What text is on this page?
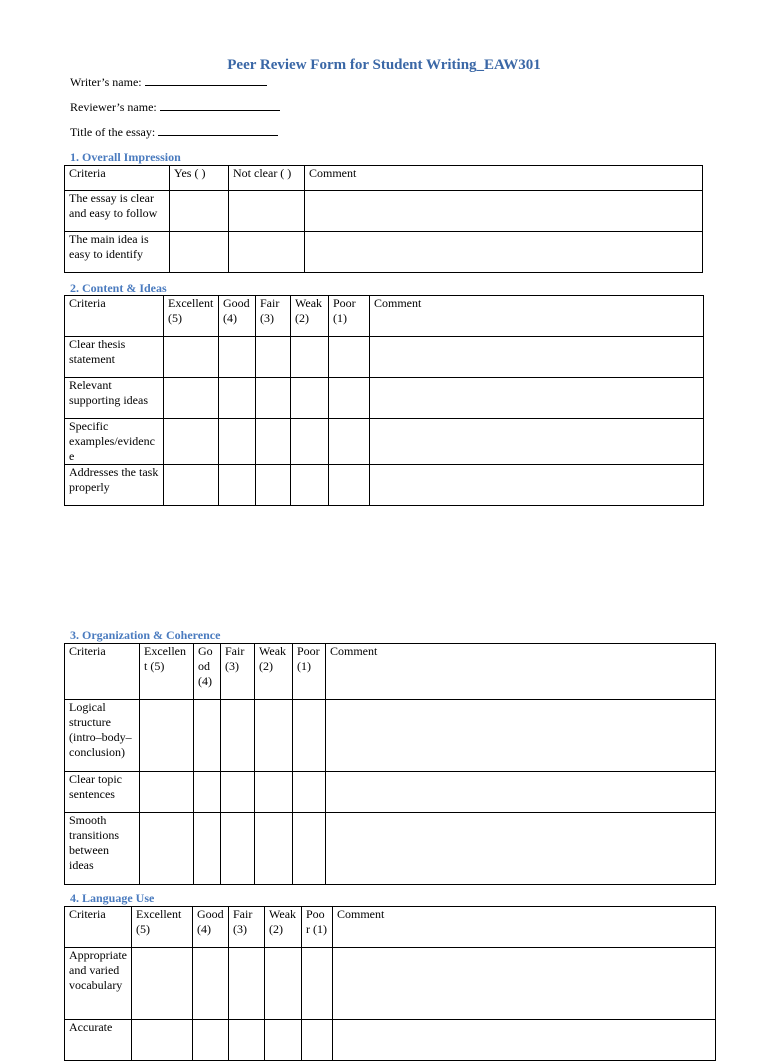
Peer Review Form for Student Writing_EAW301
Writer’s name:
Reviewer’s name:
Title of the essay:
1. Overall Impression
Criteria	Yes ( )	Not clear ( )	Comment
The essay is clear and easy to follow			
The main idea is easy to identify			
2. Content & Ideas
Criteria	Excellent (5)	Good (4)	Fair (3)	Weak (2)	Poor (1)	Comment
Clear thesis statement						
Relevant supporting ideas						
Specific examples/evidence						
Addresses the task properly						
3. Organization & Coherence
Criteria	Excellent (5)	Good (4)	Fair (3)	Weak (2)	Poor (1)	Comment
Logical structure (intro–body–conclusion)						
Clear topic sentences						
Smooth transitions between ideas						
4. Language Use
Criteria	Excellent (5)	Good (4)	Fair (3)	Weak (2)	Poor (1)	Comment
Appropriate and varied vocabulary						
Accurate						
